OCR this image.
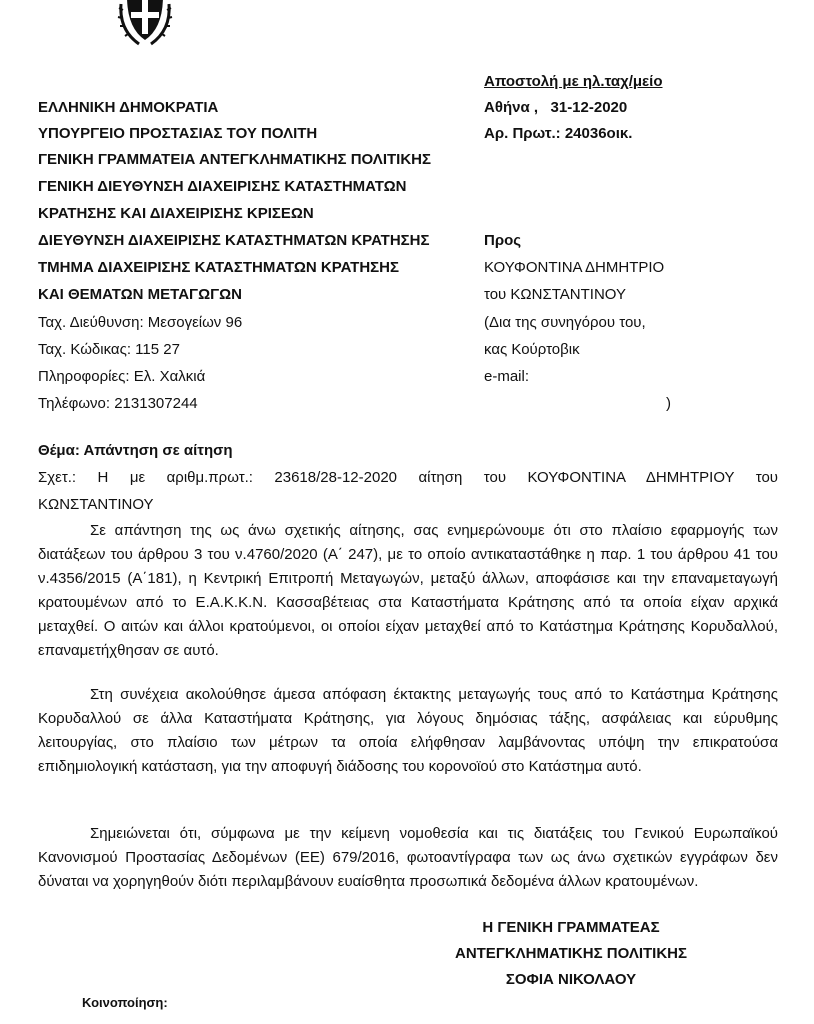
Αποστολή με ηλ.ταχ/μείο
Αθήνα ,   31-12-2020
Αρ. Πρωτ.: 24036οικ.
ΕΛΛΗΝΙΚΗ ΔΗΜΟΚΡΑΤΙΑ
ΥΠΟΥΡΓΕΙΟ ΠΡΟΣΤΑΣΙΑΣ ΤΟΥ ΠΟΛΙΤΗ
ΓΕΝΙΚΗ ΓΡΑΜΜΑΤΕΙΑ ΑΝΤΕΓΚΛΗΜΑΤΙΚΗΣ ΠΟΛΙΤΙΚΗΣ
ΓΕΝΙΚΗ ΔΙΕΥΘΥΝΣΗ ΔΙΑΧΕΙΡΙΣΗΣ ΚΑΤΑΣΤΗΜΑΤΩΝ
ΚΡΑΤΗΣΗΣ ΚΑΙ ΔΙΑΧΕΙΡΙΣΗΣ ΚΡΙΣΕΩΝ
ΔΙΕΥΘΥΝΣΗ ΔΙΑΧΕΙΡΙΣΗΣ ΚΑΤΑΣΤΗΜΑΤΩΝ ΚΡΑΤΗΣΗΣ
ΤΜΗΜΑ ΔΙΑΧΕΙΡΙΣΗΣ ΚΑΤΑΣΤΗΜΑΤΩΝ ΚΡΑΤΗΣΗΣ
ΚΑΙ ΘΕΜΑΤΩΝ ΜΕΤΑΓΩΓΩΝ
Ταχ. Διεύθυνση: Μεσογείων 96
Ταχ. Κώδικας: 115 27
Πληροφορίες: Ελ. Χαλκιά
Τηλέφωνο: 2131307244
Προς
ΚΟΥΦΟΝΤΙΝΑ ΔΗΜΗΤΡΙΟ
του ΚΩΝΣΤΑΝΤΙΝΟΥ
(Δια της συνηγόρου του,
κας Κούρτοβικ
e-mail:
)
Θέμα: Απάντηση σε αίτηση
Σχετ.: Η με αριθμ.πρωτ.: 23618/28-12-2020 αίτηση του ΚΟΥΦΟΝΤΙΝΑ ΔΗΜΗΤΡΙΟΥ του
ΚΩΝΣΤΑΝΤΙΝΟΥ
Σε απάντηση της ως άνω σχετικής αίτησης, σας ενημερώνουμε ότι στο πλαίσιο εφαρμογής των διατάξεων του άρθρου 3 του ν.4760/2020 (Α΄ 247), με το οποίο αντικαταστάθηκε η παρ. 1 του άρθρου 41 του ν.4356/2015 (Α΄181), η Κεντρική Επιτροπή Μεταγωγών, μεταξύ άλλων, αποφάσισε και την επαναμεταγωγή κρατουμένων από το Ε.Α.Κ.Κ.Ν. Κασσαβέτειας στα Καταστήματα Κράτησης από τα οποία είχαν αρχικά μεταχθεί. Ο αιτών και άλλοι κρατούμενοι, οι οποίοι είχαν μεταχθεί από το Κατάστημα Κράτησης Κορυδαλλού, επαναμετήχθησαν σε αυτό.
Στη συνέχεια ακολούθησε άμεσα απόφαση έκτακτης μεταγωγής τους από το Κατάστημα Κράτησης Κορυδαλλού σε άλλα Καταστήματα Κράτησης, για λόγους δημόσιας τάξης, ασφάλειας και εύρυθμης λειτουργίας, στο πλαίσιο των μέτρων τα οποία ελήφθησαν λαμβάνοντας υπόψη την επικρατούσα επιδημιολογική κατάσταση, για την αποφυγή διάδοσης του κορονοϊού στο Κατάστημα αυτό.
Σημειώνεται ότι, σύμφωνα με την κείμενη νομοθεσία και τις διατάξεις του Γενικού Ευρωπαϊκού Κανονισμού Προστασίας Δεδομένων (ΕΕ) 679/2016, φωτοαντίγραφα των ως άνω σχετικών εγγράφων δεν δύναται να χορηγηθούν διότι περιλαμβάνουν ευαίσθητα προσωπικά δεδομένα άλλων κρατουμένων.
Η ΓΕΝΙΚΗ ΓΡΑΜΜΑΤΕΑΣ
ΑΝΤΕΓΚΛΗΜΑΤΙΚΗΣ ΠΟΛΙΤΙΚΗΣ
ΣΟΦΙΑ ΝΙΚΟΛΑΟΥ
Κοινοποίηση:
